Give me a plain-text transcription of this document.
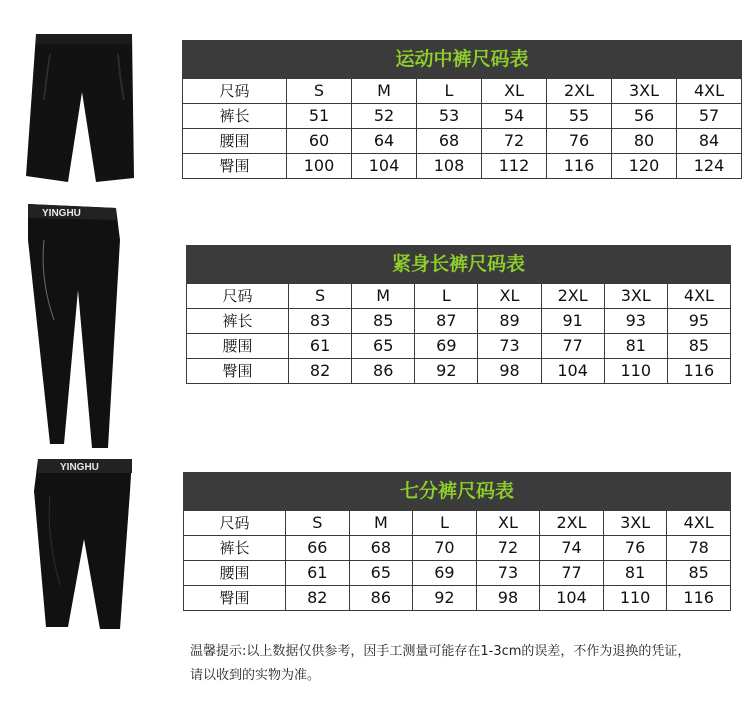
YINGHU
YINGHU
运动中裤尺码表							
尺码	S	M	L	XL	2XL	3XL	4XL
裤长	51	52	53	54	55	56	57
腰围	60	64	68	72	76	80	84
臀围	100	104	108	112	116	120	124
紧身长裤尺码表							
尺码	S	M	L	XL	2XL	3XL	4XL
裤长	83	85	87	89	91	93	95
腰围	61	65	69	73	77	81	85
臀围	82	86	92	98	104	110	116
七分裤尺码表							
尺码	S	M	L	XL	2XL	3XL	4XL
裤长	66	68	70	72	74	76	78
腰围	61	65	69	73	77	81	85
臀围	82	86	92	98	104	110	116
温馨提示:以上数据仅供参考，因手工测量可能存在1-3cm的误差，不作为退换的凭证，
请以收到的实物为准。
